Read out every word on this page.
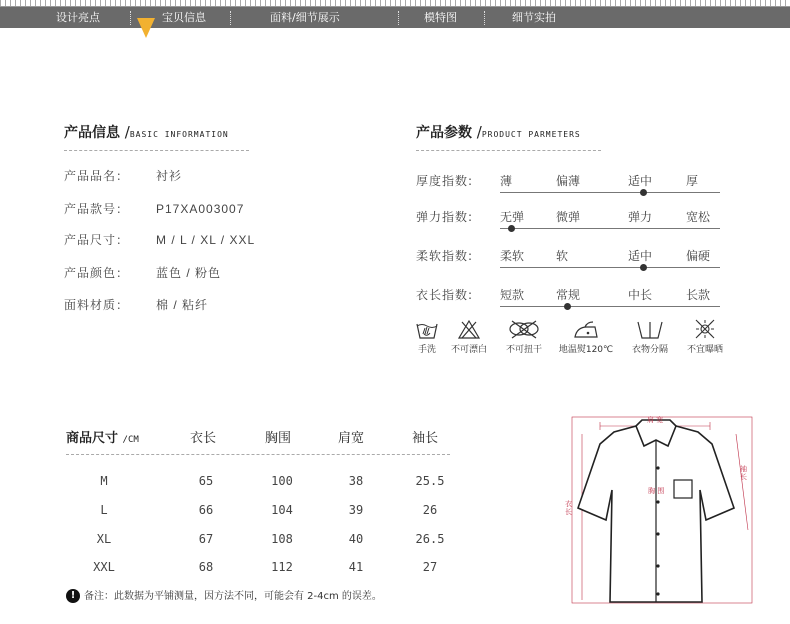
设计亮点	宝贝信息	面料/细节展示	模特图	细节实拍
产品信息 /BASIC INFORMATION
产品品名： 衬衫
产品款号： P17XA003007
产品尺寸： M / L / XL / XXL
产品颜色： 蓝色 / 粉色
面料材质： 棉 / 粘纤
产品参数 /PRODUCT PARMETERS
厚度指数: 薄	偏薄	适中	厚
弹力指数: 无弹	微弹	弹力	宽松
柔软指数: 柔软	软	适中	偏硬
衣长指数: 短款	常规	中长	长款
手洗	不可漂白	不可扭干	地温熨120℃	衣物分隔	不宜曝晒
商品尺寸 /CM	衣长	胸围	肩宽	袖长
M	65	100	38	25.5
L	66	104	39	26
XL	67	108	40	26.5
XXL	68	112	41	27
! 备注：此数据为平铺测量，因方法不同，可能会有 2-4cm 的误差。
肩 宽
胸 围
衣 长
袖 长
